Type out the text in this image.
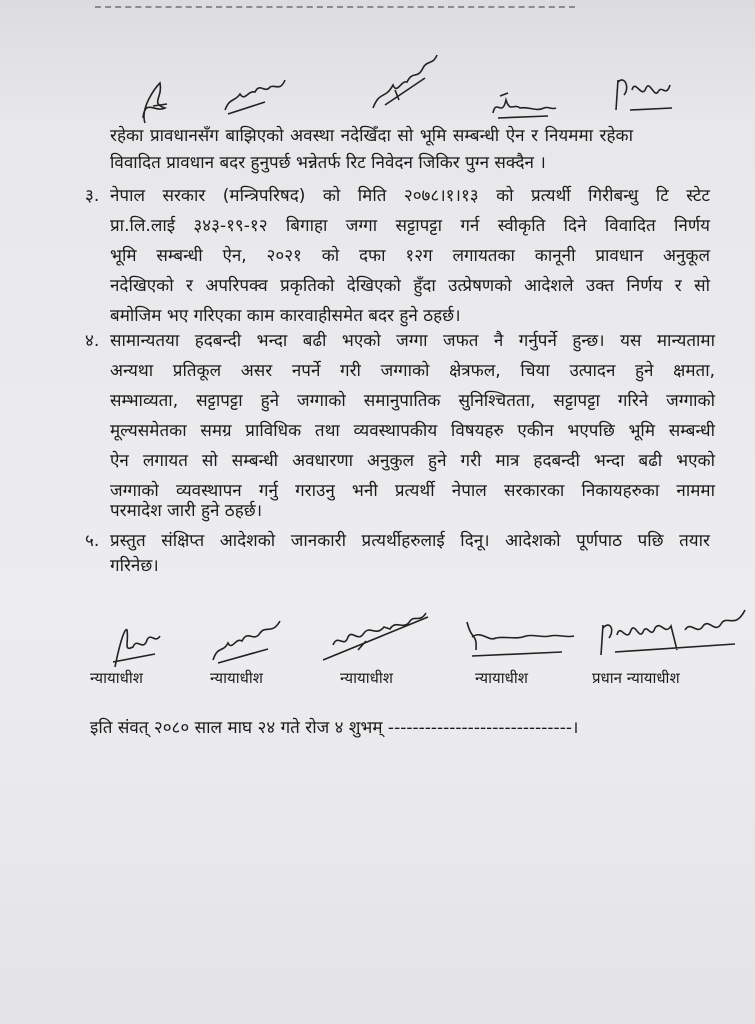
रहेका प्रावधानसँग बाझिएको अवस्था नदेखिँदा सो भूमि सम्बन्धी ऐन र नियममा रहेका
विवादित प्रावधान बदर हुनुपर्छ भन्नेतर्फ रिट निवेदन जिकिर पुग्न सक्दैन ।
३. नेपाल सरकार (मन्त्रिपरिषद) को मिति २०७८।१।१३ को प्रत्यर्थी गिरीबन्धु टि स्टेट
प्रा.लि.लाई ३४३-१९-१२ बिगाहा जग्गा सट्टापट्टा गर्न स्वीकृति दिने विवादित निर्णय
भूमि सम्बन्धी ऐन, २०२१ को दफा १२ग लगायतका कानूनी प्रावधान अनुकूल
नदेखिएको र अपरिपक्व प्रकृतिको देखिएको हुँदा उत्प्रेषणको आदेशले उक्त निर्णय र सो
बमोजिम भए गरिएका काम कारवाहीसमेत बदर हुने ठहर्छ।
४. सामान्यतया हदबन्दी भन्दा बढी भएको जग्गा जफत नै गर्नुपर्ने हुन्छ। यस मान्यतामा
अन्यथा प्रतिकूल असर नपर्ने गरी जग्गाको क्षेत्रफल, चिया उत्पादन हुने क्षमता,
सम्भाव्यता, सट्टापट्टा हुने जग्गाको समानुपातिक सुनिश्चितता, सट्टापट्टा गरिने जग्गाको
मूल्यसमेतका समग्र प्राविधिक तथा व्यवस्थापकीय विषयहरु एकीन भएपछि भूमि सम्बन्धी
ऐन लगायत सो सम्बन्धी अवधारणा अनुकुल हुने गरी मात्र हदबन्दी भन्दा बढी भएको
जग्गाको व्यवस्थापन गर्नु गराउनु भनी प्रत्यर्थी नेपाल सरकारका निकायहरुका नाममा
परमादेश जारी हुने ठहर्छ।
५. प्रस्तुत संक्षिप्त आदेशको जानकारी प्रत्यर्थीहरुलाई दिनू। आदेशको पूर्णपाठ पछि तयार
गरिनेछ।
न्यायाधीश	न्यायाधीश	न्यायाधीश	न्यायाधीश	प्रधान न्यायाधीश
इति संवत् २०८० साल माघ २४ गते रोज ४ शुभम् ------------------------------।
